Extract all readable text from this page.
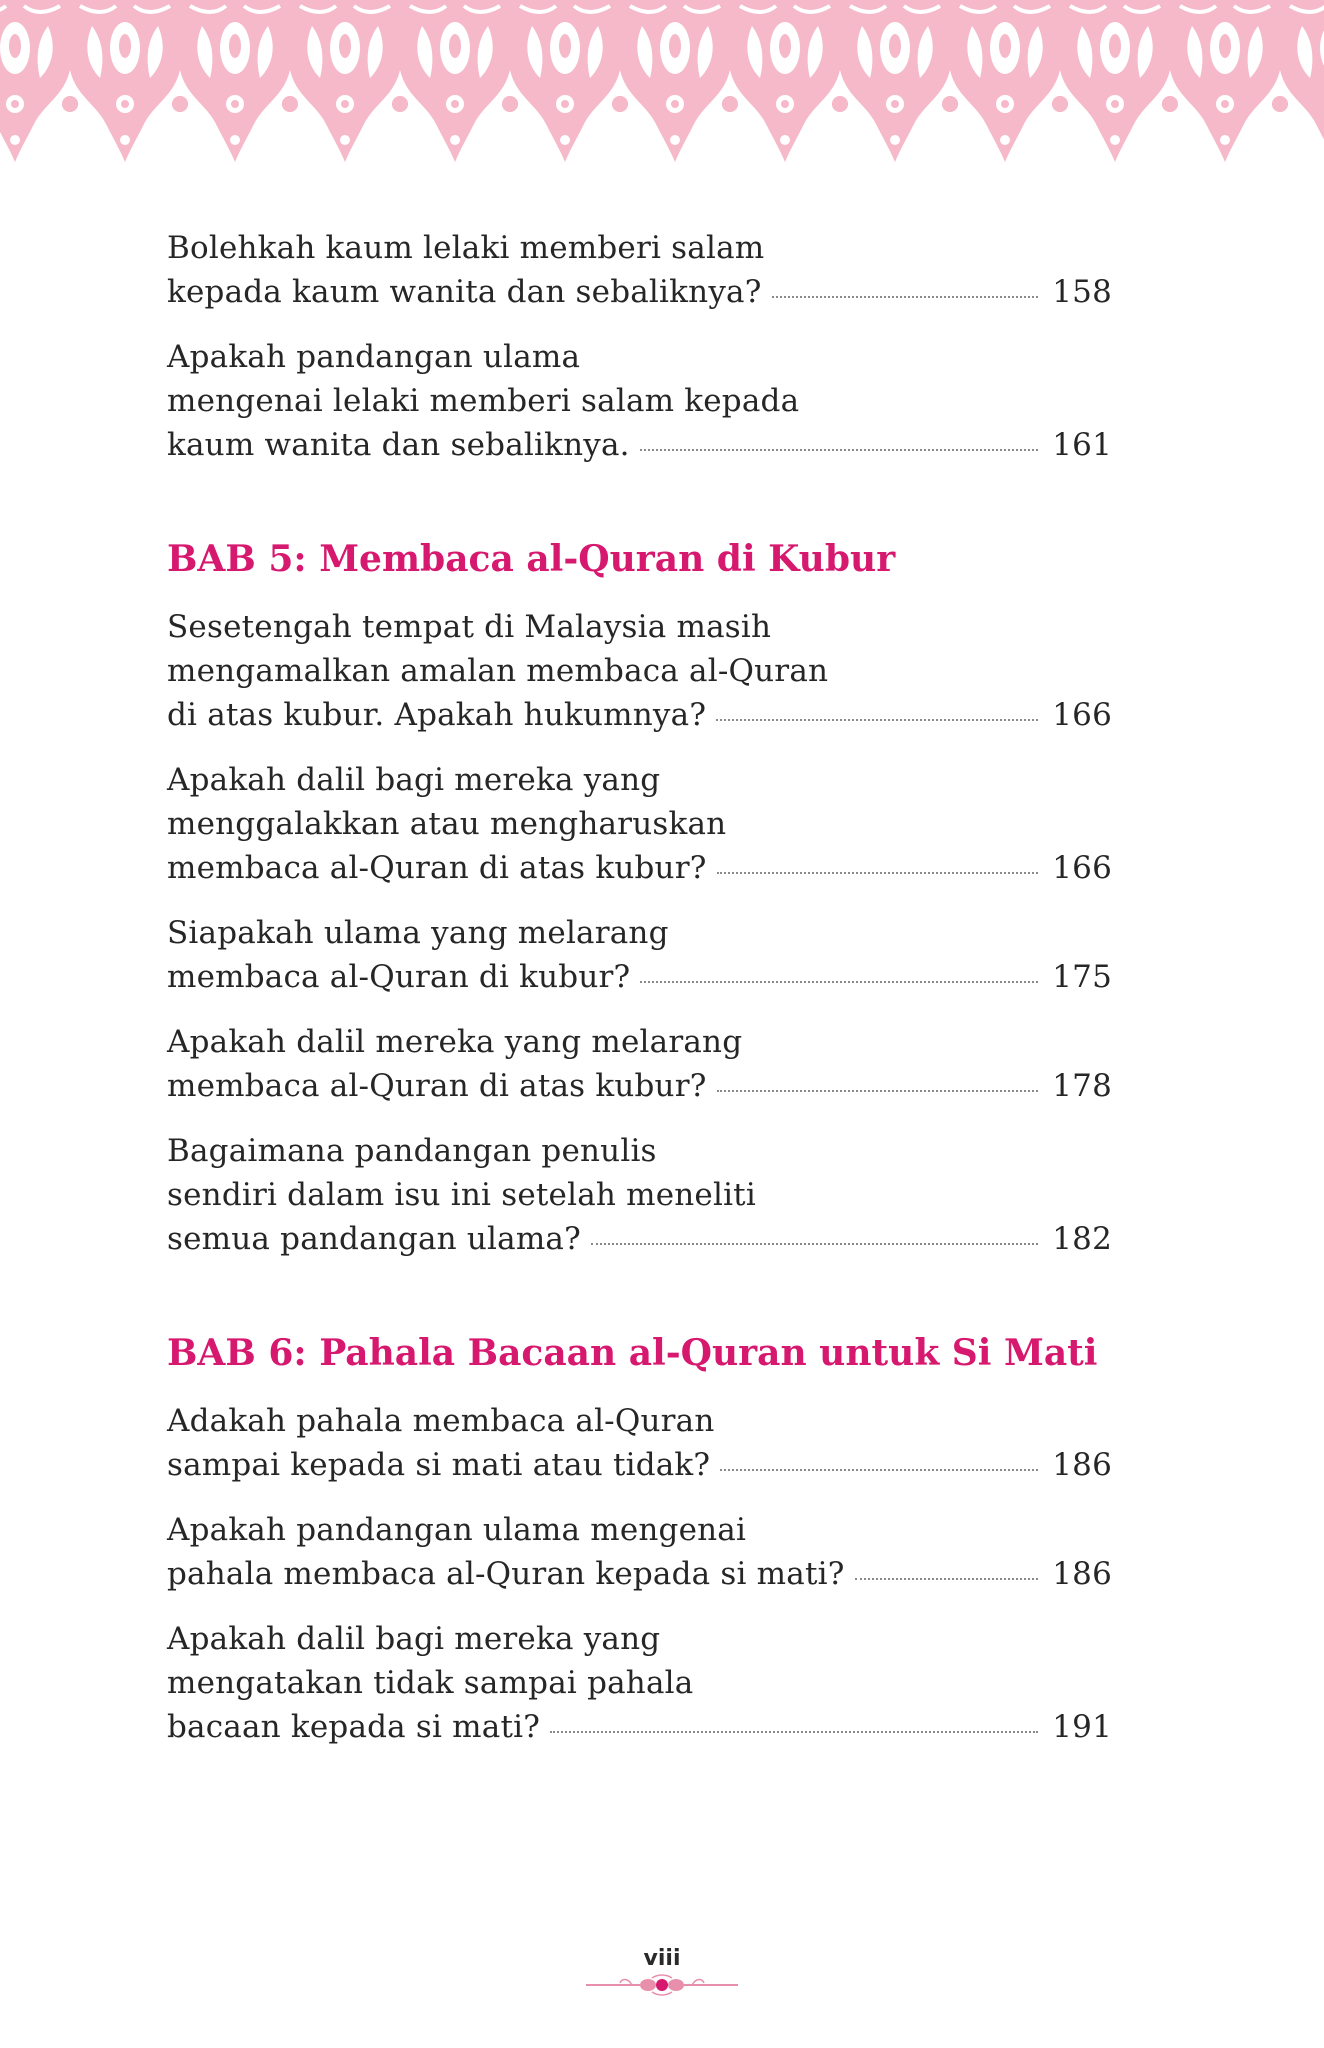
Bolehkah kaum lelaki memberi salam
kepada kaum wanita dan sebaliknya?	158
Apakah pandangan ulama
mengenai lelaki memberi salam kepada
kaum wanita dan sebaliknya.	161
BAB 5: Membaca al-Quran di Kubur
Sesetengah tempat di Malaysia masih
mengamalkan amalan membaca al-Quran
di atas kubur. Apakah hukumnya?	166
Apakah dalil bagi mereka yang
menggalakkan atau mengharuskan
membaca al-Quran di atas kubur?	166
Siapakah ulama yang melarang
membaca al-Quran di kubur?	175
Apakah dalil mereka yang melarang
membaca al-Quran di atas kubur?	178
Bagaimana pandangan penulis
sendiri dalam isu ini setelah meneliti
semua pandangan ulama?	182
BAB 6: Pahala Bacaan al-Quran untuk Si Mati
Adakah pahala membaca al-Quran
sampai kepada si mati atau tidak?	186
Apakah pandangan ulama mengenai
pahala membaca al-Quran kepada si mati?	186
Apakah dalil bagi mereka yang
mengatakan tidak sampai pahala
bacaan kepada si mati?	191
viii
